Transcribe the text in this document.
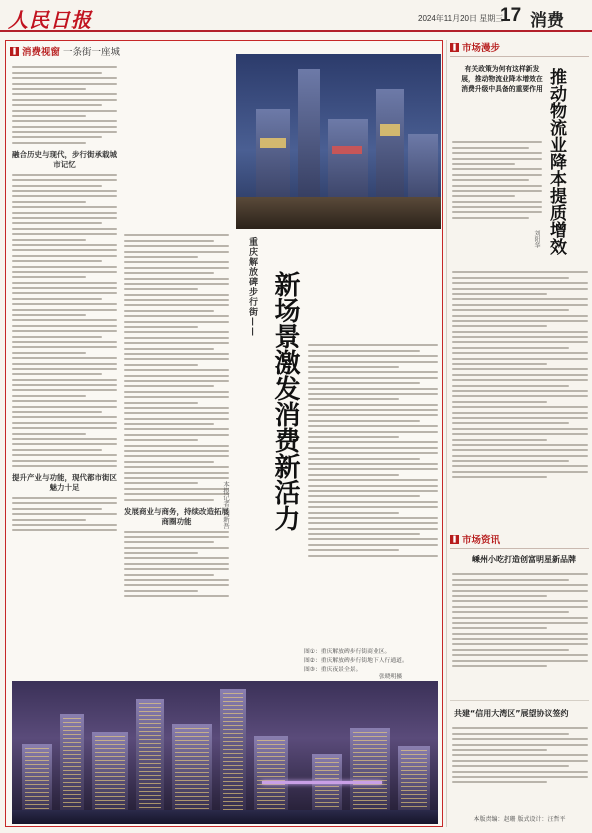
人民日报	2024年11月20日 星期三
17 消费
❚ 消费视窗 一条街一座城
融合历史与现代，步行街承载城市记忆
提升产业与功能，现代都市街区魅力十足
发展商业与商务，持续改造拓展商圈功能
重庆解放碑步行街—— 新场景激发消费新活力
本报记者 刘新吾
图①：重庆解放碑步行街商业区。
图②：重庆解放碑步行街地下人行通道。
图③：重庆夜景全景。
张晓明摄
❚ 市场漫步
有关政策为何有这样新发展，推动物流业降本增效在消费升级中具备的重要作用 推动物流业降本提质增效
刘阳华
❚ 市场资讯
嵊州小吃打造创富明星新品牌
共建“信用大湾区”展望协议签约
本版责编：赵珊 版式设计：汪哲平
